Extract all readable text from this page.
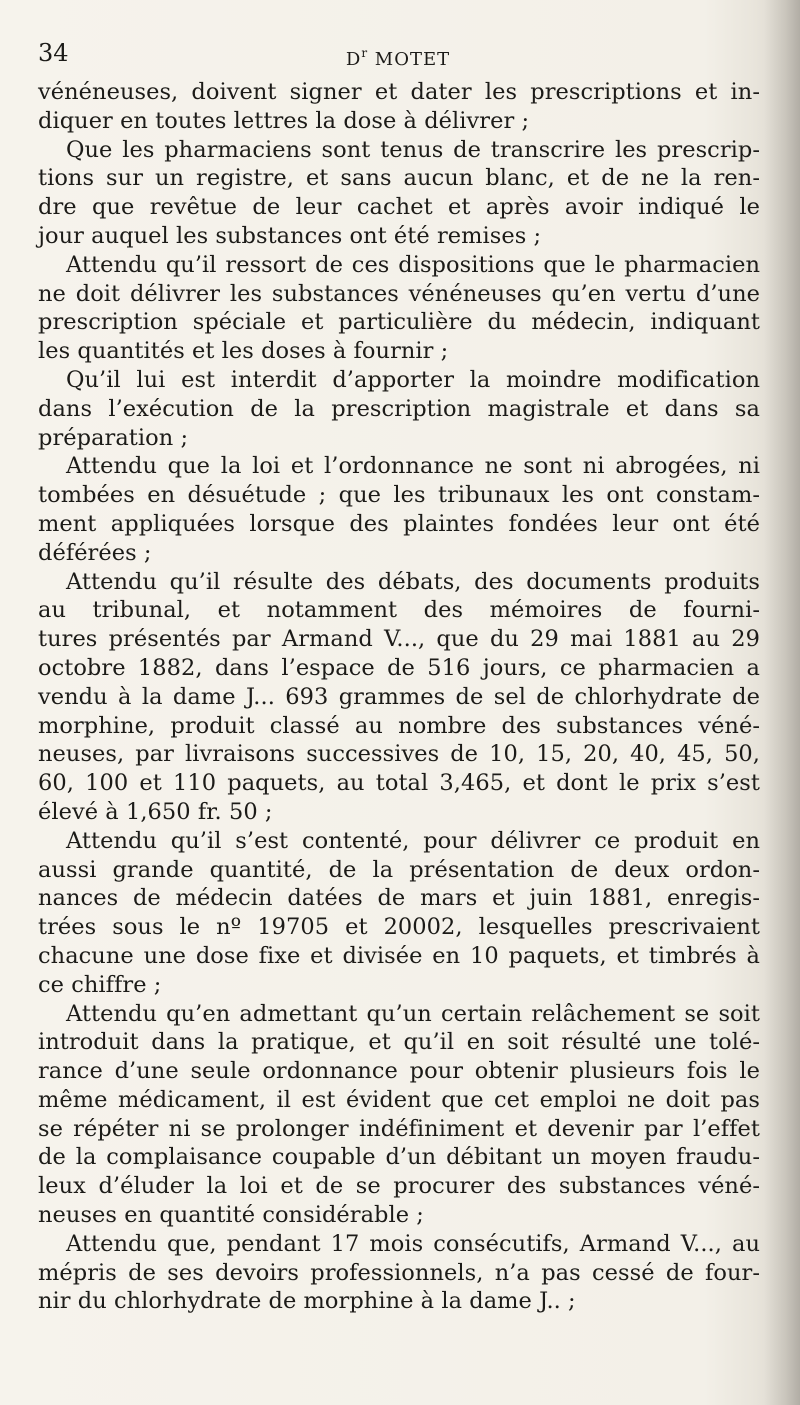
34	$D^r$ MOTET
vénéneuses, doivent signer et dater les prescriptions et in-
diquer en toutes lettres la dose à délivrer ;
Que les pharmaciens sont tenus de transcrire les prescrip-
tions sur un registre, et sans aucun blanc, et de ne la ren-
dre que revêtue de leur cachet et après avoir indiqué le
jour auquel les substances ont été remises ;
Attendu qu’il ressort de ces dispositions que le pharmacien
ne doit délivrer les substances vénéneuses qu’en vertu d’une
prescription spéciale et particulière du médecin, indiquant
les quantités et les doses à fournir ;
Qu’il lui est interdit d’apporter la moindre modification
dans l’exécution de la prescription magistrale et dans sa
préparation ;
Attendu que la loi et l’ordonnance ne sont ni abrogées, ni
tombées en désuétude ; que les tribunaux les ont constam-
ment appliquées lorsque des plaintes fondées leur ont été
déférées ;
Attendu qu’il résulte des débats, des documents produits
au tribunal, et notamment des mémoires de fourni-
tures présentés par Armand V..., que du 29 mai 1881 au 29
octobre 1882, dans l’espace de 516 jours, ce pharmacien a
vendu à la dame J... 693 grammes de sel de chlorhydrate de
morphine, produit classé au nombre des substances véné-
neuses, par livraisons successives de 10, 15, 20, 40, 45, 50,
60, 100 et 110 paquets, au total 3,465, et dont le prix s’est
élevé à 1,650 fr. 50 ;
Attendu qu’il s’est contenté, pour délivrer ce produit en
aussi grande quantité, de la présentation de deux ordon-
nances de médecin datées de mars et juin 1881, enregis-
trées sous le nº 19705 et 20002, lesquelles prescrivaient
chacune une dose fixe et divisée en 10 paquets, et timbrés à
ce chiffre ;
Attendu qu’en admettant qu’un certain relâchement se soit
introduit dans la pratique, et qu’il en soit résulté une tolé-
rance d’une seule ordonnance pour obtenir plusieurs fois le
même médicament, il est évident que cet emploi ne doit pas
se répéter ni se prolonger indéfiniment et devenir par l’effet
de la complaisance coupable d’un débitant un moyen fraudu-
leux d’éluder la loi et de se procurer des substances véné-
neuses en quantité considérable ;
Attendu que, pendant 17 mois consécutifs, Armand V..., au
mépris de ses devoirs professionnels, n’a pas cessé de four-
nir du chlorhydrate de morphine à la dame J.. ;
